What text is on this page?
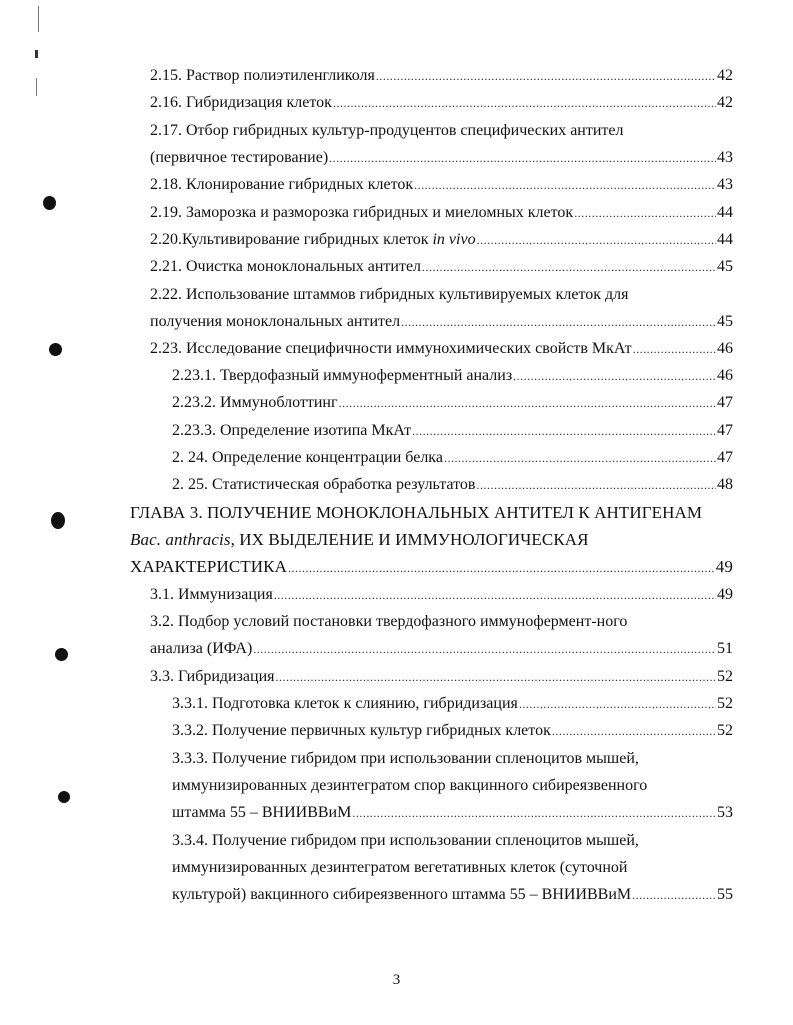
2.15. Раствор полиэтиленгликоля .....	42
2.16. Гибридизация клеток .....	42
2.17. Отбор гибридных культур-продуцентов специфических антител
(первичное тестирование) .....	43
2.18. Клонирование гибридных клеток .....	43
2.19. Заморозка и разморозка гибридных и миеломных клеток .....	44
2.20.Культивирование гибридных клеток in vivo .....	44
2.21. Очистка моноклональных антител .....	45
2.22. Использование штаммов гибридных культивируемых клеток для
получения моноклональных антител .....	45
2.23. Исследование специфичности иммунохимических свойств МкАт .....	46
2.23.1. Твердофазный иммуноферментный анализ .....	46
2.23.2. Иммуноблоттинг .....	47
2.23.3. Определение изотипа МкАт .....	47
2. 24. Определение концентрации белка .....	47
2. 25. Статистическая обработка результатов .....	48
ГЛАВА 3. ПОЛУЧЕНИЕ МОНОКЛОНАЛЬНЫХ АНТИТЕЛ К АНТИГЕНАМ
Bac. anthracis, ИХ ВЫДЕЛЕНИЕ И ИММУНОЛОГИЧЕСКАЯ
ХАРАКТЕРИСТИКА .....	49
3.1. Иммунизация .....	49
3.2. Подбор условий постановки твердофазного иммунофермент-ного
анализа (ИФА) .....	51
3.3. Гибридизация .....	52
3.3.1. Подготовка клеток к слиянию, гибридизация .....	52
3.3.2. Получение первичных культур гибридных клеток .....	52
3.3.3. Получение гибридом при использовании спленоцитов мышей,
иммунизированных дезинтегратом спор вакцинного сибиреязвенного
штамма 55 – ВНИИВВиМ .....	53
3.3.4. Получение гибридом при использовании спленоцитов мышей,
иммунизированных дезинтегратом вегетативных клеток (суточной
культурой) вакцинного сибиреязвенного штамма 55 – ВНИИВВиМ .....	55
3
